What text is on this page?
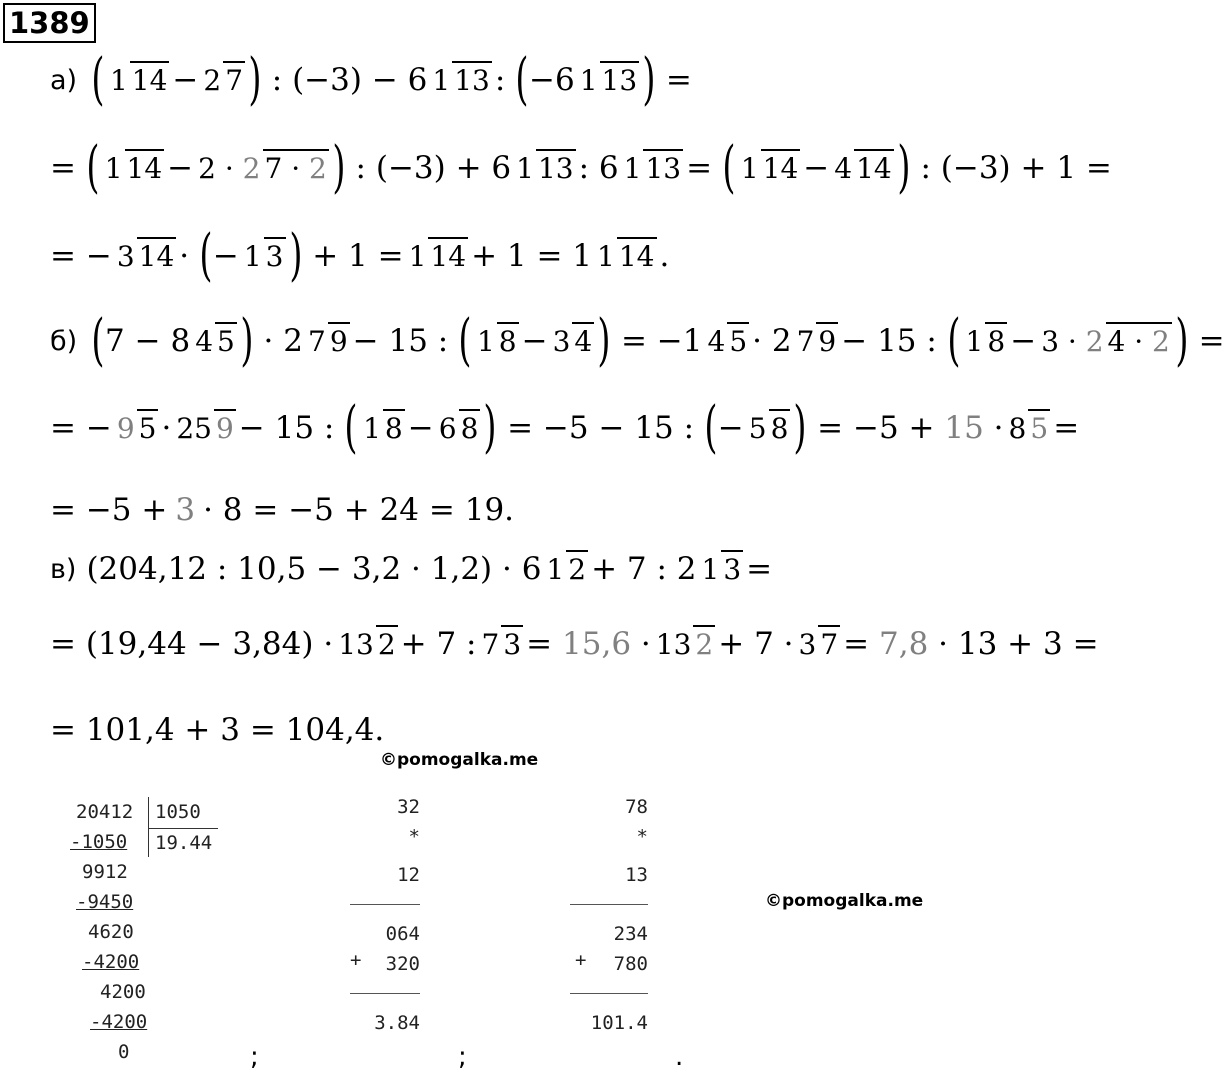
1389
а) ( 1 14 − 2 7 ) : (−3) − 6 1 13 : ( −6 1 13 ) =
= ( 1 14 − 2 · 2 7 · 2 ) : (−3) + 6 1 13 : 6 1 13 = ( 1 14 − 4 14 ) : (−3) + 1 =
= − 3 14 · ( − 1 3 ) + 1 = 1 14 + 1 = 1 1 14 .
б) ( 7 − 8 4 5 ) · 2 7 9 − 15 : ( 1 8 − 3 4 ) = −1 4 5 · 2 7 9 − 15 : ( 1 8 − 3 · 2 4 · 2 ) =
= − 9 5 · 25 9 − 15 : ( 1 8 − 6 8 ) = −5 − 15 : ( − 5 8 ) = −5 + 15 · 8 5 =
= −5 + 3 · 8 = −5 + 24 = 19.
в) (204,12 : 10,5 − 3,2 · 1,2) · 6 1 2 + 7 : 2 1 3 =
= (19,44 − 3,84) · 13 2 + 7 : 7 3 = 15,6 · 13 2 + 7 · 3 7 = 7,8 · 13 + 3 =
= 101,4 + 3 = 104,4.
©pomogalka.me
©pomogalka.me
20412
-1050
9912
-9450
4620
-4200
4200
-4200
0
1050
19.44
32
*
12
064
320
3.84
+
78
*
13
234
780
101.4
+
;	;	.
